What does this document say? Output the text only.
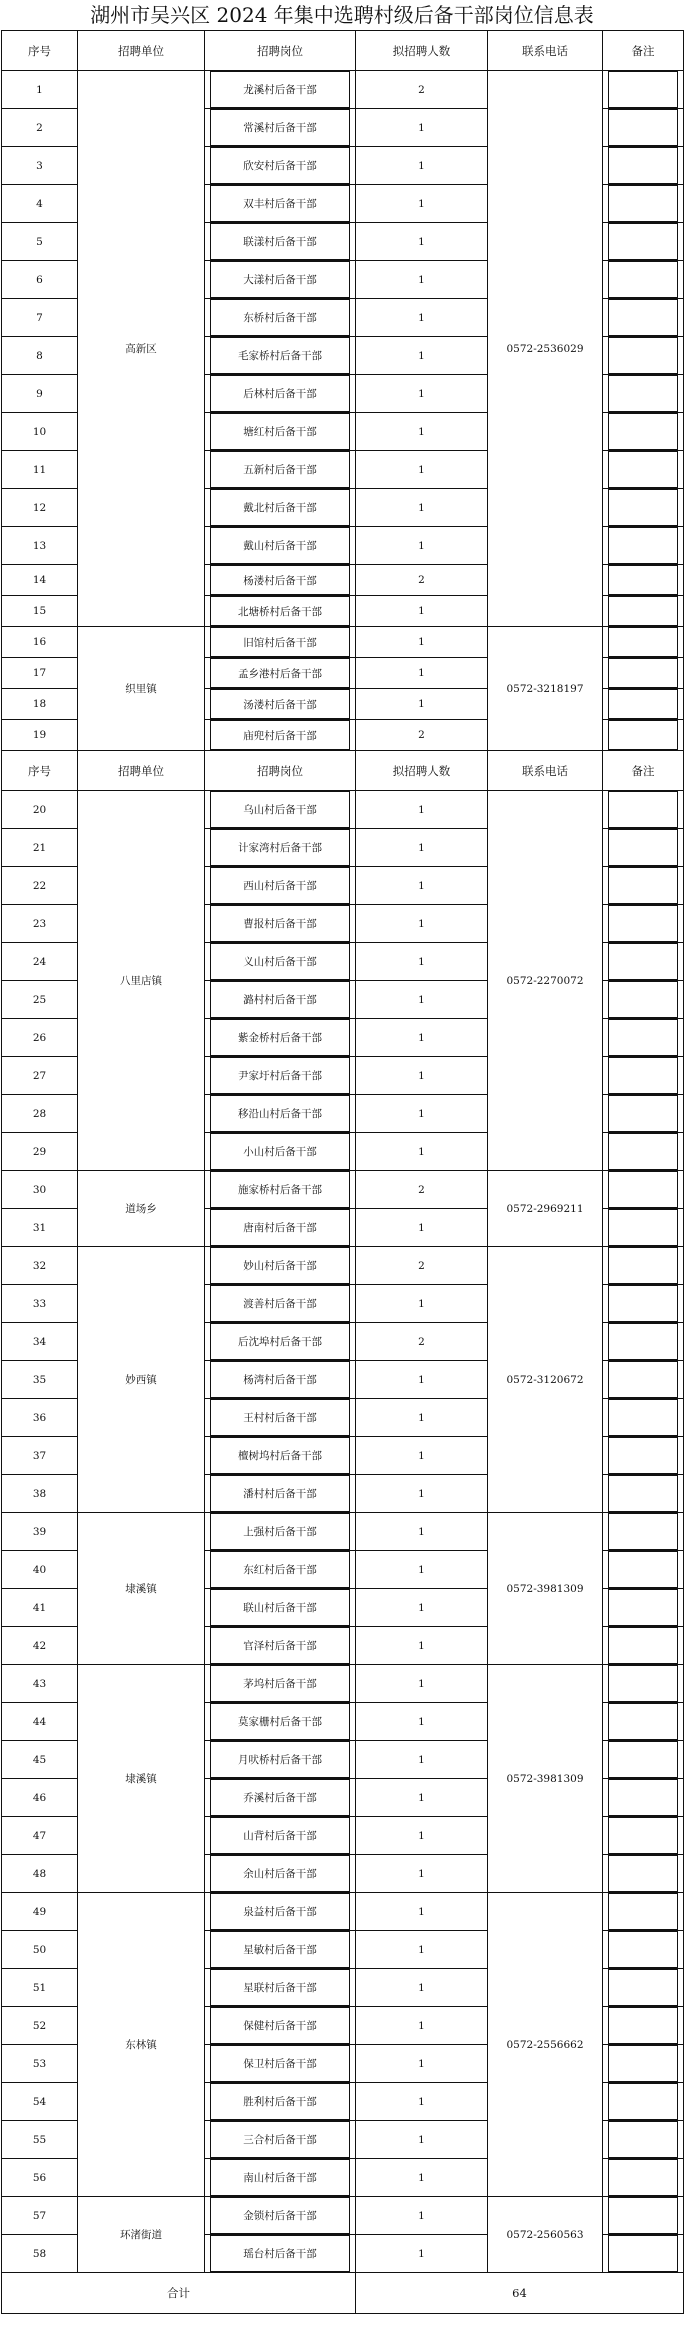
湖州市吴兴区 2024 年集中选聘村级后备干部岗位信息表
序号	招聘单位	招聘岗位	拟招聘人数	联系电话	备注
1	高新区	龙溪村后备干部	2	0572-2536029	

2		常溪村后备干部	1		

3		欣安村后备干部	1		

4		双丰村后备干部	1		

5		联漾村后备干部	1		

6		大漾村后备干部	1		

7		东桥村后备干部	1		

8		毛家桥村后备干部	1		

9		后林村后备干部	1		

10		塘红村后备干部	1		

11		五新村后备干部	1		

12		戴北村后备干部	1		

13		戴山村后备干部	1		

14		杨溇村后备干部	2		

15		北塘桥村后备干部	1		

16	织里镇	旧馆村后备干部	1	0572-3218197	

17		孟乡港村后备干部	1		

18		汤溇村后备干部	1		

19		庙兜村后备干部	2		

序号	招聘单位	招聘岗位	拟招聘人数	联系电话	备注
20	八里店镇	乌山村后备干部	1	0572-2270072	

21		计家湾村后备干部	1		

22		西山村后备干部	1		

23		曹报村后备干部	1		

24		义山村后备干部	1		

25		潞村村后备干部	1		

26		紫金桥村后备干部	1		

27		尹家圩村后备干部	1		

28		移沿山村后备干部	1		

29		小山村后备干部	1		

30	道场乡	施家桥村后备干部	2	0572-2969211	

31		唐南村后备干部	1		

32	妙西镇	妙山村后备干部	2	0572-3120672	

33		渡善村后备干部	1		

34		后沈埠村后备干部	2		

35		杨湾村后备干部	1		

36		王村村后备干部	1		

37		檀树坞村后备干部	1		

38		潘村村后备干部	1		

39	埭溪镇	上强村后备干部	1	0572-3981309	

40		东红村后备干部	1		

41		联山村后备干部	1		

42		官泽村后备干部	1		

43	埭溪镇	茅坞村后备干部	1	0572-3981309	

44		莫家栅村后备干部	1		

45		月吠桥村后备干部	1		

46		乔溪村后备干部	1		

47		山背村后备干部	1		

48		余山村后备干部	1		

49	东林镇	泉益村后备干部	1	0572-2556662	

50		星敏村后备干部	1		

51		星联村后备干部	1		

52		保健村后备干部	1		

53		保卫村后备干部	1		

54		胜利村后备干部	1		

55		三合村后备干部	1		

56		南山村后备干部	1		

57	环渚街道	金锁村后备干部	1	0572-2560563	

58		瑶台村后备干部	1		

合计			64		
